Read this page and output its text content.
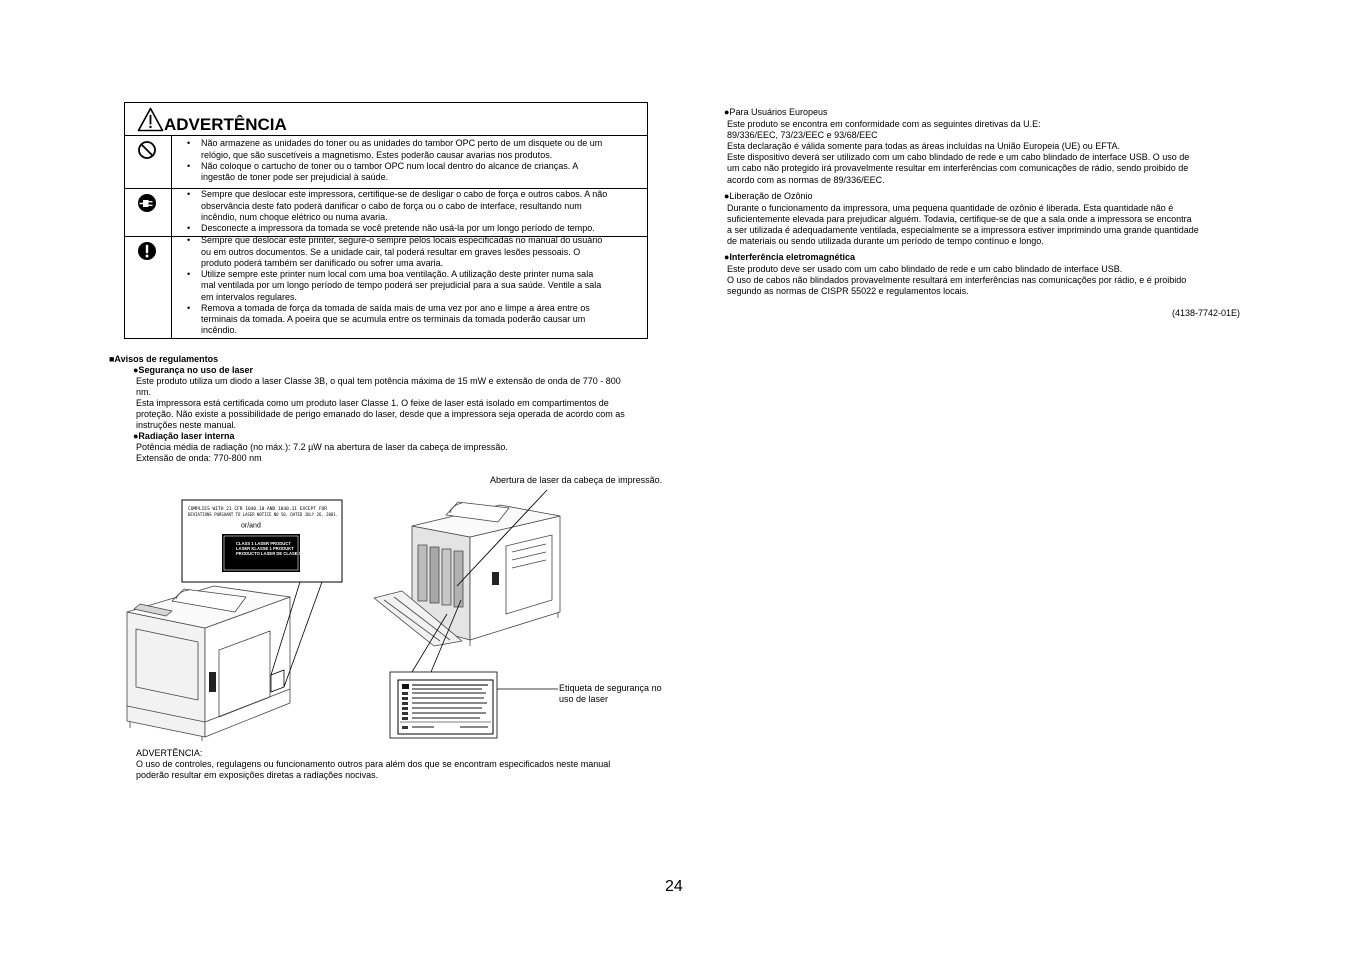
ADVERTÊNCIA
• Não armazene as unidades do toner ou as unidades do tambor OPC perto de um disquete ou de um
relógio, que são suscetíveis a magnetismo. Estes poderão causar avarias nos produtos.
• Não coloque o cartucho de toner ou o tambor OPC num local dentro do alcance de crianças. A
ingestão de toner pode ser prejudicial à saúde.
• Sempre que deslocar este impressora, certifique-se de desligar o cabo de força e outros cabos. A não
observância deste fato poderá danificar o cabo de força ou o cabo de interface, resultando num
incêndio, num choque elétrico ou numa avaria.
• Desconecte a impressora da tomada se você pretende não usá-la por um longo período de tempo.
• Sempre que deslocar este printer, segure-o sempre pelos locais especificadas no manual do usuário
ou em outros documentos. Se a unidade cair, tal poderá resultar em graves lesões pessoais. O
produto poderá também ser danificado ou sofrer uma avaria.
• Utilize sempre este printer num local com uma boa ventilação. A utilização deste printer numa sala
mal ventilada por um longo período de tempo poderá ser prejudicial para a sua saúde. Ventile a sala
em intervalos regulares.
• Remova a tomada de força da tomada de saída mais de uma vez por ano e limpe a área entre os
terminais da tomada. A poeira que se acumula entre os terminais da tomada poderão causar um
incêndio.
■Avisos de regulamentos
●Segurança no uso de laser
Este produto utiliza um diodo a laser Classe 3B, o qual tem potência máxima de 15 mW e extensão de onda de 770 - 800
nm.
Esta impressora está certificada como um produto laser Classe 1. O feixe de laser está isolado em compartimentos de
proteção. Não existe a possibilidade de perigo emanado do laser, desde que a impressora seja operada de acordo com as
instruções neste manual.
●Radiação laser interna
Potência média de radiação (no máx.): 7.2 µW na abertura de laser da cabeça de impressão.
Extensão de onda: 770-800 nm
COMPLIES WITH 21 CFR 1040.10 AND 1040.11 EXCEPT FOR
DEVIATIONS PURSUANT TO LASER NOTICE NO 50, DATED JULY 26, 2001.
or/and
CLASS 1 LASER PRODUCT
LASER KLASSE 1 PRODUKT
PRODUCTO LASER DE CLASE 1
Abertura de laser da cabeça de impressão.
Etiqueta de segurança no
uso de laser
ADVERTÊNCIA:
O uso de controles, regulagens ou funcionamento outros para além dos que se encontram especificados neste manual
poderão resultar em exposições diretas a radiações nocivas.
24
●Para Usuários Europeus
Este produto se encontra em conformidade com as seguintes diretivas da U.E:
89/336/EEC, 73/23/EEC e 93/68/EEC
Esta declaração é válida somente para todas as áreas incluídas na União Europeia (UE) ou EFTA.
Este dispositivo deverá ser utilizado com um cabo blindado de rede e um cabo blindado de interface USB. O uso de
um cabo não protegido irá provavelmente resultar em interferências com comunicações de rádio, sendo proibido de
acordo com as normas de 89/336/EEC.
●Liberação de Ozônio
Durante o funcionamento da impressora, uma pequena quantidade de ozônio é liberada. Esta quantidade não é
suficientemente elevada para prejudicar alguém. Todavia, certifique-se de que a sala onde a impressora se encontra
a ser utilizada é adequadamente ventilada, especialmente se a impressora estiver imprimindo uma grande quantidade
de materiais ou sendo utilizada durante um período de tempo contínuo e longo.
●Interferência eletromagnética
Este produto deve ser usado com um cabo blindado de rede e um cabo blindado de interface USB.
O uso de cabos não blindados provavelmente resultará em interferências nas comunicações por rádio, e é proibido
segundo as normas de CISPR 55022 e regulamentos locais.
(4138-7742-01E)
